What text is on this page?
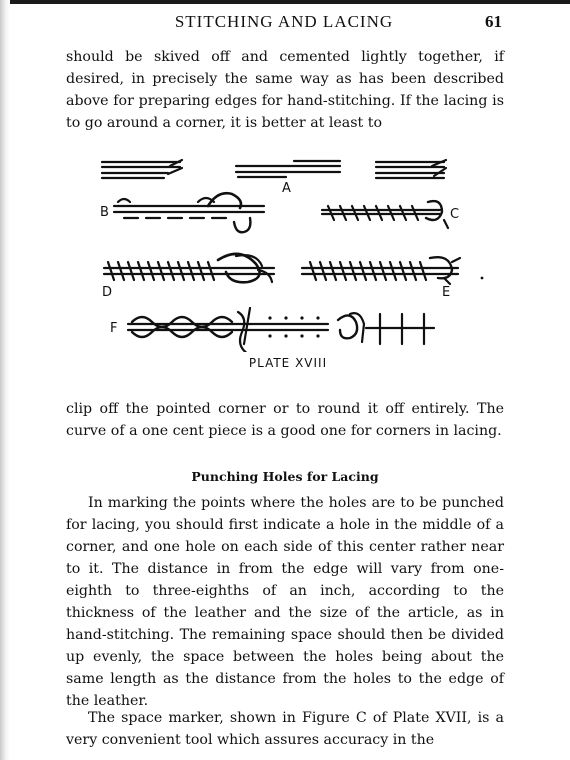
STITCHING AND LACING	61

should be skived off and cemented lightly together, if desired, in precisely the same way as has been described above for preparing edges for hand-stitching. If the lacing is to go around a corner, it is better at least to

A
B	C
D	E
F
PLATE XVIII

clip off the pointed corner or to round it off entirely. The curve of a one cent piece is a good one for corners in lacing.

Punching Holes for Lacing

In marking the points where the holes are to be punched for lacing, you should first indicate a hole in the middle of a corner, and one hole on each side of this center rather near to it. The distance in from the edge will vary from one-eighth to three-eighths of an inch, according to the thickness of the leather and the size of the article, as in hand-stitching. The remaining space should then be divided up evenly, the space between the holes being about the same length as the distance from the holes to the edge of the leather.

The space marker, shown in Figure C of Plate XVII, is a very convenient tool which assures accuracy in the
